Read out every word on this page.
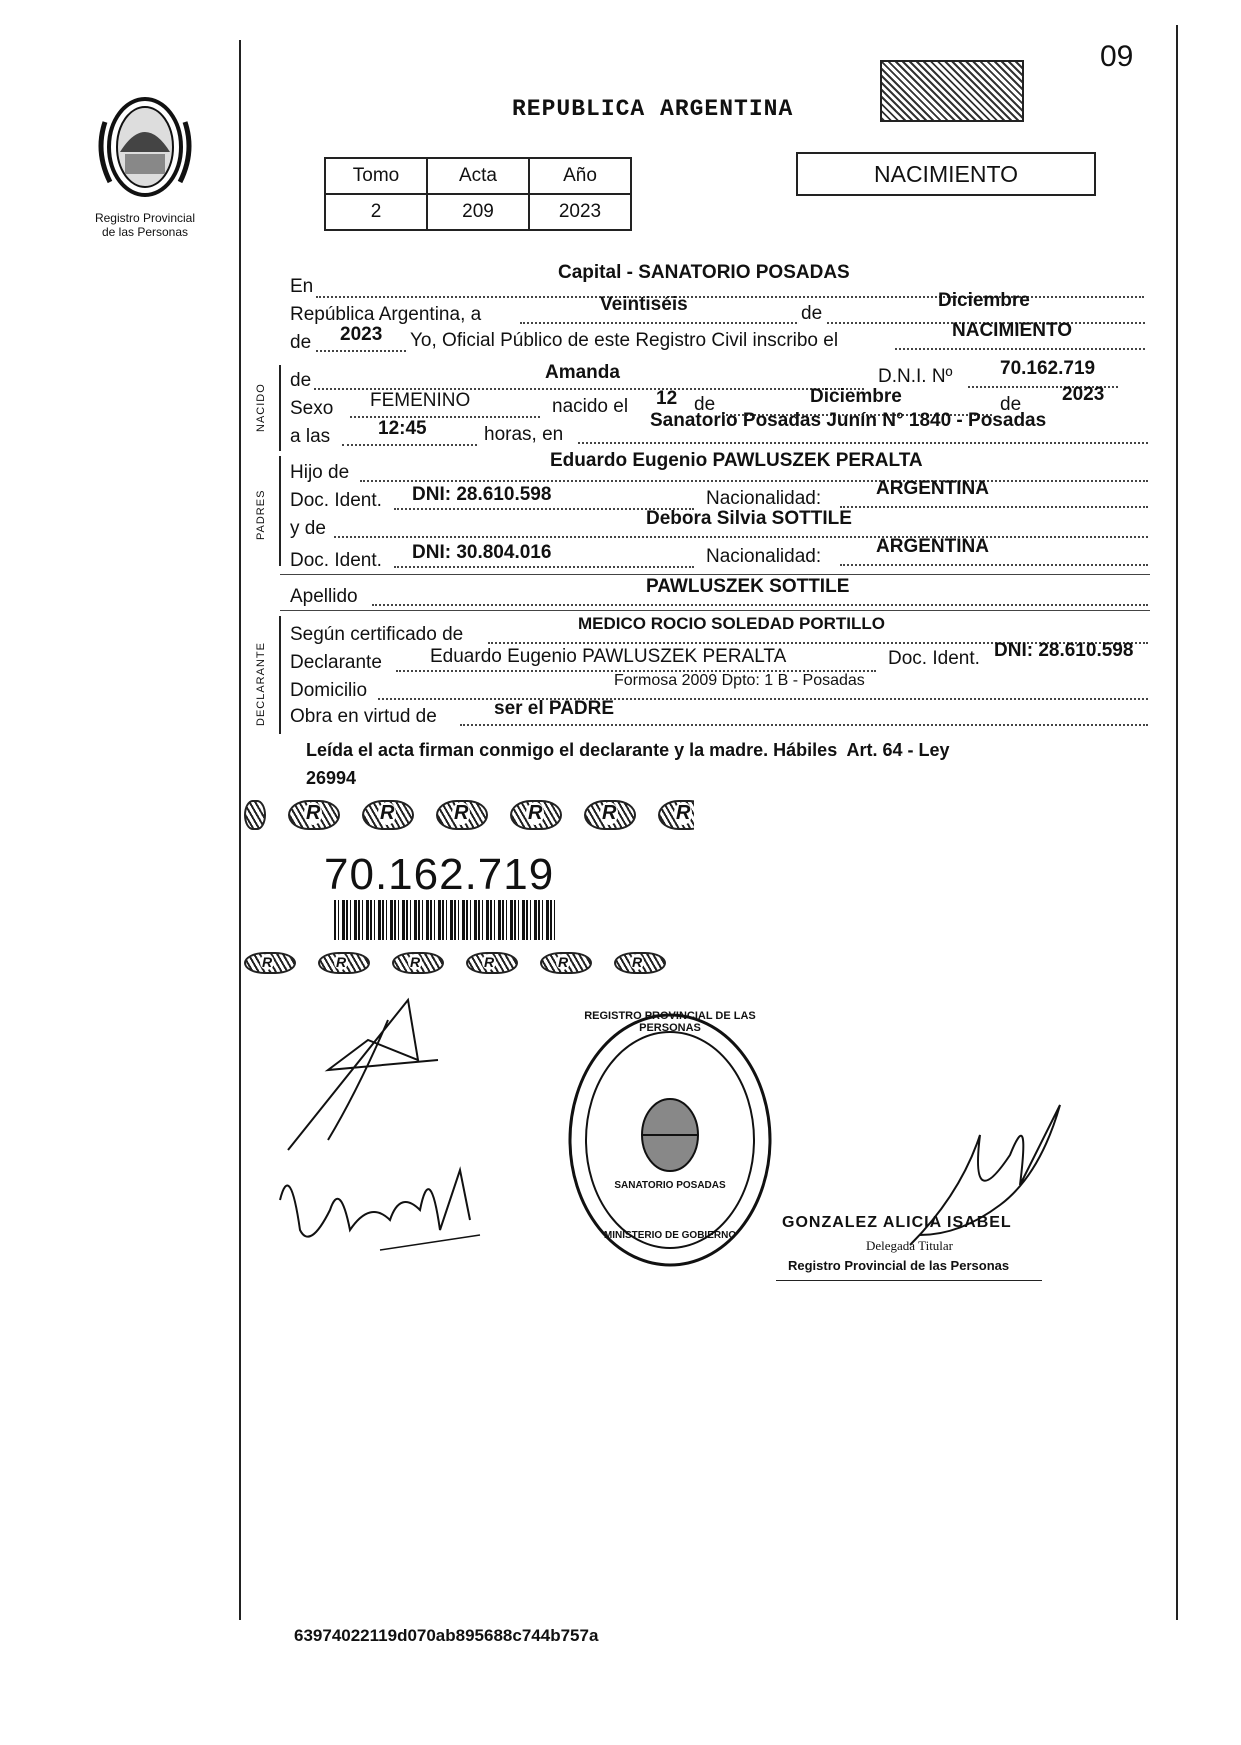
09
Registro Provincial
de las Personas
REPUBLICA ARGENTINA
Tomo	Acta	Año
2	209	2023
NACIMIENTO
En
Capital - SANATORIO POSADAS
República Argentina, a	Veintiséis	de
Diciembre
de 2023 Yo, Oficial Público de este Registro Civil inscribo el	NACIMIENTO
NACIDO
de	Amanda	D.N.I. Nº	70.162.719
Sexo FEMENINO	nacido el 12 de	Diciembre	de 2023
a las	12:45	horas, en
Sanatorio Posadas Junín N° 1840 - Posadas
PADRES
Hijo de
Eduardo Eugenio PAWLUSZEK PERALTA
Doc. Ident. DNI: 28.610.598	Nacionalidad:	ARGENTINA
y de	Debora Silvia SOTTILE
Doc. Ident. DNI: 30.804.016	Nacionalidad:	ARGENTINA
Apellido	PAWLUSZEK SOTTILE
DECLARANTE
Según certificado de
MEDICO ROCIO SOLEDAD PORTILLO
Declarante	Eduardo Eugenio PAWLUSZEK PERALTA	Doc. Ident. DNI: 28.610.598
Domicilio	Formosa 2009 Dpto: 1 B - Posadas
Obra en virtud de	ser el PADRE
Leída el acta firman conmigo el declarante y la madre. Hábiles  Art. 64 - Ley
26994
R	R	R	R	R	R
70.162.719
R	R	R	R	R	R
REGISTRO PROVINCIAL DE LAS PERSONAS
SANATORIO POSADAS
MINISTERIO DE GOBIERNO
GONZALEZ ALICIA ISABEL
Delegada Titular
Registro Provincial de las Personas
63974022119d070ab895688c744b757a
